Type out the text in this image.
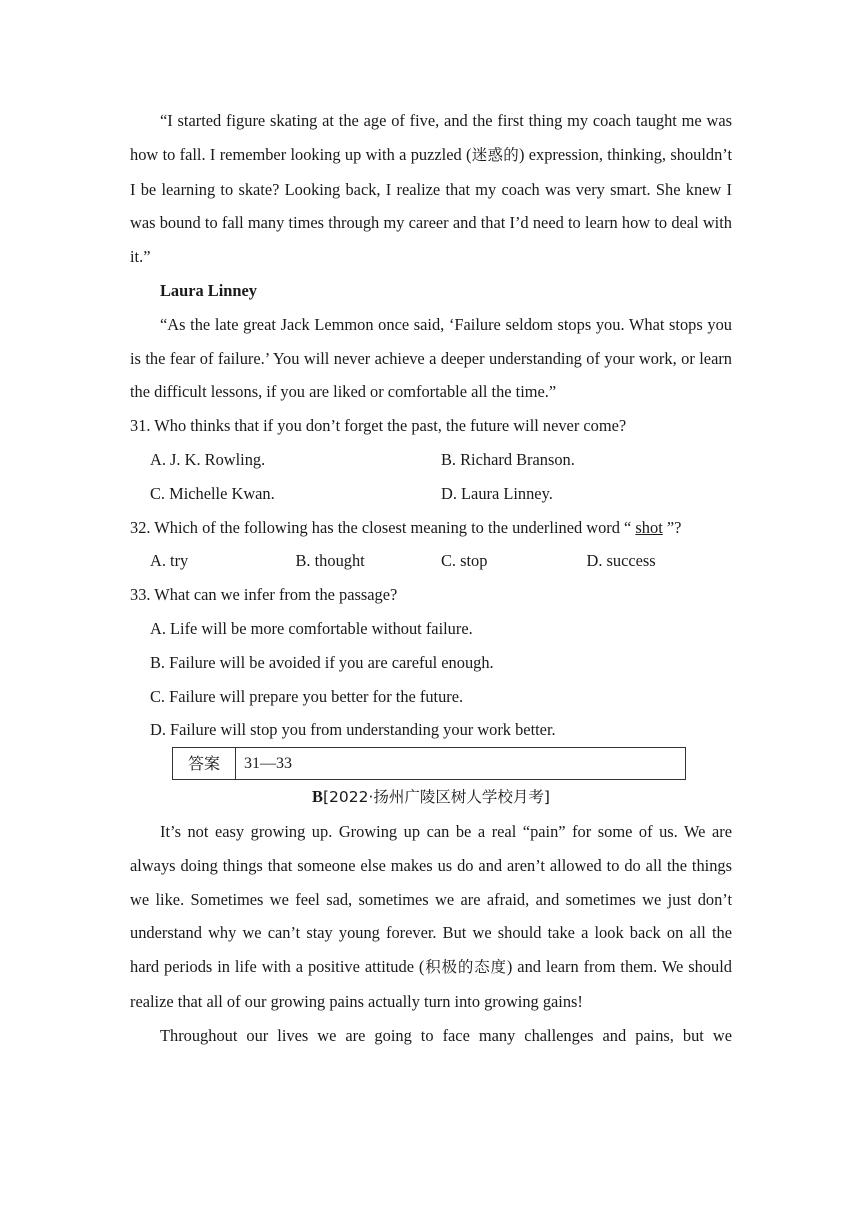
“I started figure skating at the age of five, and the first thing my coach taught me was how to fall. I remember looking up with a puzzled (迷惑的) expression, thinking, shouldn’t I be learning to skate? Looking back, I realize that my coach was very smart. She knew I was bound to fall many times through my career and that I’d need to learn how to deal with it.”

Laura Linney

“As the late great Jack Lemmon once said, ‘Failure seldom stops you. What stops you is the fear of failure.’ You will never achieve a deeper understanding of your work, or learn the difficult lessons, if you are liked or comfortable all the time.”

31. Who thinks that if you don’t forget the past, the future will never come?

A. J. K. Rowling.	B. Richard Branson.
C. Michelle Kwan.	D. Laura Linney.

32. Which of the following has the closest meaning to the underlined word “ shot ”?

A. try	B. thought	C. stop	D. success

33. What can we infer from the passage?

A. Life will be more comfortable without failure.

B. Failure will be avoided if you are careful enough.

C. Failure will prepare you better for the future.

D. Failure will stop you from understanding your work better.

答案	31—33

B[2022·扬州广陵区树人学校月考]

It’s not easy growing up. Growing up can be a real “pain” for some of us. We are always doing things that someone else makes us do and aren’t allowed to do all the things we like. Sometimes we feel sad, sometimes we are afraid, and sometimes we just don’t understand why we can’t stay young forever. But we should take a look back on all the hard periods in life with a positive attitude (积极的态度) and learn from them. We should realize that all of our growing pains actually turn into growing gains!

Throughout our lives we are going to face many challenges and pains, but we
